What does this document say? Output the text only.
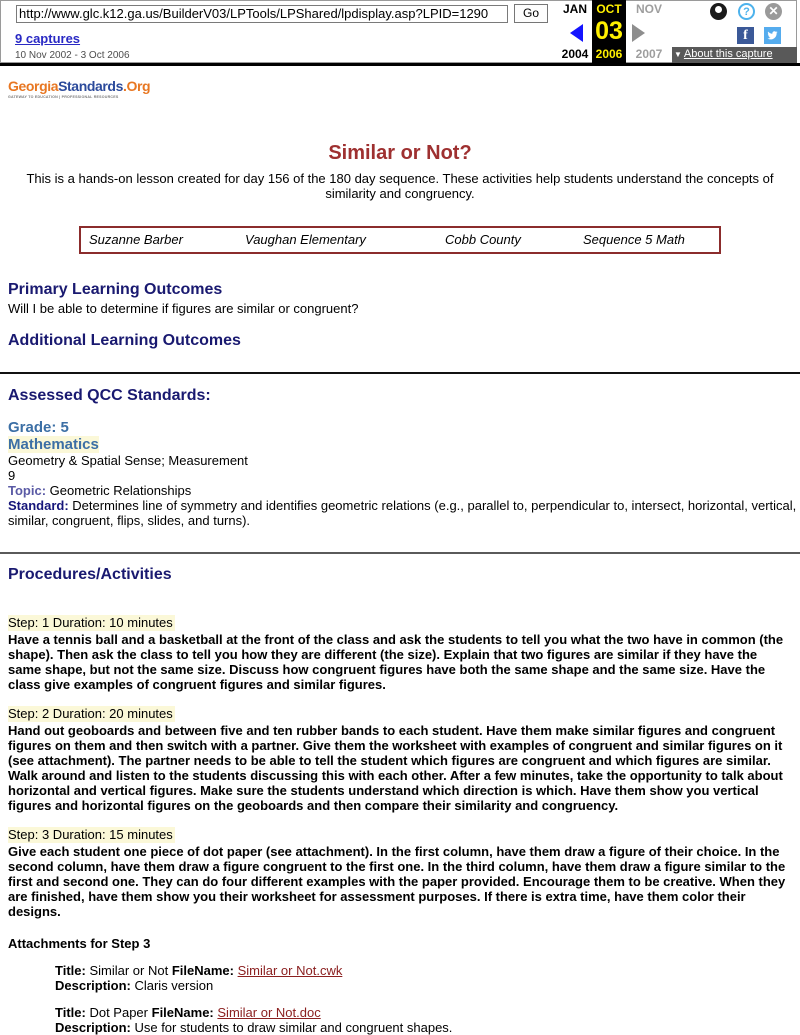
http://www.glc.k12.ga.us/BuilderV03/LPTools/LPShared/lpdisplay.asp?LPID=1290
Go
9 captures
10 Nov 2002 - 3 Oct 2006
JAN
2004
OCT
03
2006
NOV
2007
?	✕
f
▼ About this capture
GeorgiaStandards.Org
GATEWAY TO EDUCATION | PROFESSIONAL RESOURCES
Similar or Not?
This is a hands-on lesson created for day 156 of the 180 day sequence. These activities help students understand the concepts of similarity and congruency.
Suzanne Barber	Vaughan Elementary	Cobb County	Sequence 5 Math
Primary Learning Outcomes
Will I be able to determine if figures are similar or congruent?
Additional Learning Outcomes
Assessed QCC Standards:
Grade: 5
Mathematics
Geometry & Spatial Sense; Measurement
9
Topic: Geometric Relationships
Standard: Determines line of symmetry and identifies geometric relations (e.g., parallel to, perpendicular to, intersect, horizontal, vertical, similar, congruent, flips, slides, and turns).
Procedures/Activities
Step: 1 Duration: 10 minutes
Have a tennis ball and a basketball at the front of the class and ask the students to tell you what the two have in common (the shape). Then ask the class to tell you how they are different (the size). Explain that two figures are similar if they have the same shape, but not the same size. Discuss how congruent figures have both the same shape and the same size. Have the class give examples of congruent figures and similar figures.
Step: 2 Duration: 20 minutes
Hand out geoboards and between five and ten rubber bands to each student. Have them make similar figures and congruent figures on them and then switch with a partner. Give them the worksheet with examples of congruent and similar figures on it (see attachment). The partner needs to be able to tell the student which figures are congruent and which figures are similar. Walk around and listen to the students discussing this with each other. After a few minutes, take the opportunity to talk about horizontal and vertical figures. Make sure the students understand which direction is which. Have them show you vertical figures and horizontal figures on the geoboards and then compare their similarity and congruency.
Step: 3 Duration: 15 minutes
Give each student one piece of dot paper (see attachment). In the first column, have them draw a figure of their choice. In the second column, have them draw a figure congruent to the first one. In the third column, have them draw a figure similar to the first and second one. They can do four different examples with the paper provided. Encourage them to be creative. When they are finished, have them show you their worksheet for assessment purposes. If there is extra time, have them color their designs.
Attachments for Step 3
Title: Similar or Not FileName: Similar or Not.cwk
Description: Claris version
Title: Dot Paper FileName: Similar or Not.doc
Description: Use for students to draw similar and congruent shapes.
